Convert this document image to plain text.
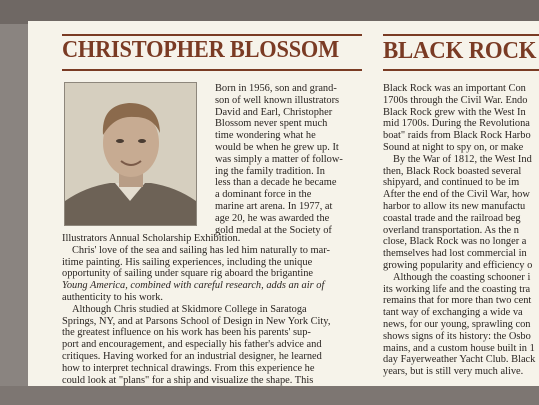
CHRISTOPHER BLOSSOM

Born in 1956, son and grand-

son of well known illustrators

David and Earl, Christopher

Blossom never spent much

time wondering what he

would be when he grew up. It

was simply a matter of follow-

ing the family tradition. In

less than a decade he became

a dominant force in the

marine art arena. In 1977, at

age 20, he was awarded the

gold medal at the Society of

Illustrators Annual Scholarship Exhibition.

Chris' love of the sea and sailing has led him naturally to mar-

itime painting. His sailing experiences, including the unique

opportunity of sailing under square rig aboard the brigantine

Young America, combined with careful research, adds an air of

authenticity to his work.

Although Chris studied at Skidmore College in Saratoga

Springs, NY, and at Parsons School of Design in New York City,

the greatest influence on his work has been his parents' sup-

port and encouragement, and especially his father's advice and

critiques. Having worked for an industrial designer, he learned

how to interpret technical drawings. From this experience he

could look at "plans" for a ship and visualize the shape. This

BLACK ROCK

Black Rock was an important Con

1700s through the Civil War. Endo

Black Rock grew with the West In

mid 1700s. During the Revolutiona

boat" raids from Black Rock Harbo

Sound at night to spy on, or make

By the War of 1812, the West Ind

then, Black Rock boasted several

shipyard, and continued to be im

After the end of the Civil War, how

harbor to allow its new manufactu

coastal trade and the railroad beg

overland transportation. As the n

close, Black Rock was no longer a

themselves had lost commercial in

growing popularity and efficiency o

Although the coasting schooner i

its working life and the coasting tra

remains that for more than two cent

tant way of exchanging a wide va

news, for our young, sprawling con

shows signs of its history: the Osbo

mains, and a custom house built in 1

day Fayerweather Yacht Club. Black

years, but is still very much alive.
